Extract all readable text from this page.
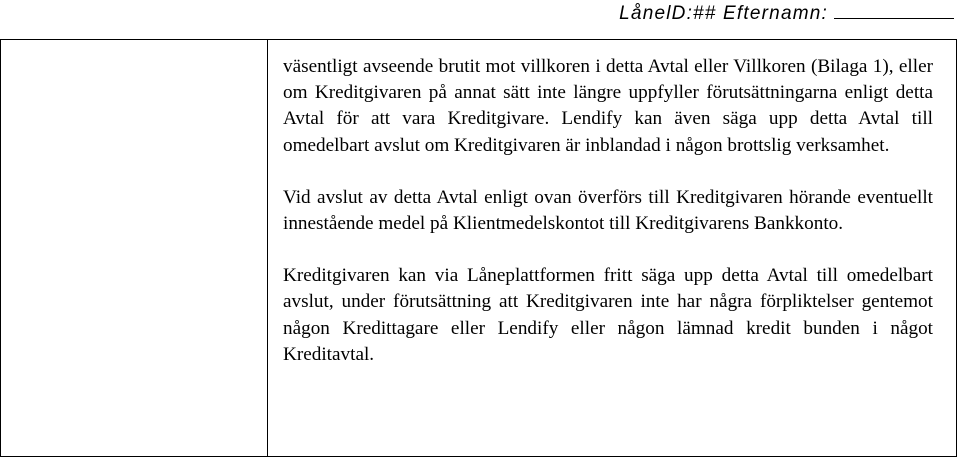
LånelD:## Efternamn:

väsentligt avseende brutit mot villkoren i detta Avtal eller Villkoren (Bilaga 1), eller om Kreditgivaren på annat sätt inte längre uppfyller förutsättningarna enligt detta Avtal för att vara Kreditgivare. Lendify kan även säga upp detta Avtal till omedelbart avslut om Kreditgivaren är inblandad i någon brottslig verksamhet.

Vid avslut av detta Avtal enligt ovan överförs till Kreditgivaren hörande eventuellt innestående medel på Klientmedelskontot till Kreditgivarens Bankkonto.

Kreditgivaren kan via Låneplattformen fritt säga upp detta Avtal till omedelbart avslut, under förutsättning att Kreditgivaren inte har några förpliktelser gentemot någon Kredittagare eller Lendify eller någon lämnad kredit bunden i något Kreditavtal.
